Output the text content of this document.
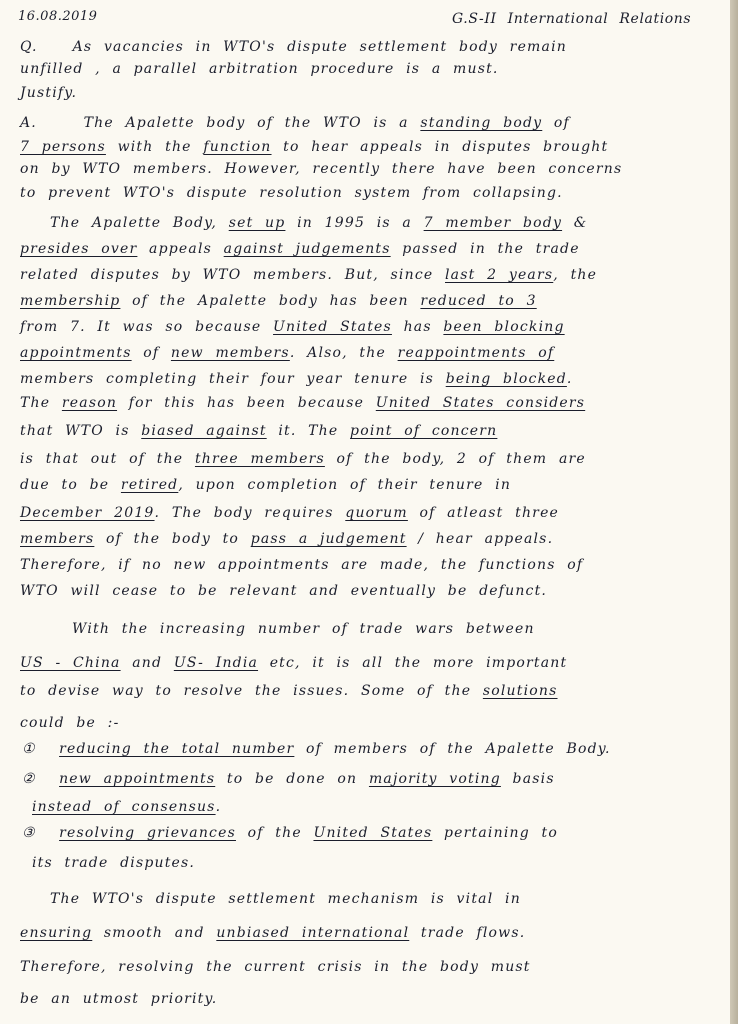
16.08.2019	G.S-II International Relations
Q. As vacancies in WTO's dispute settlement body remain
unfilled , a parallel arbitration procedure is a must.
Justify.
A.	The Apalette body of the WTO is a standing body of
7 persons with the function to hear appeals in disputes brought
on by WTO members. However, recently there have been concerns
to prevent WTO's dispute resolution system from collapsing.
The Apalette Body, set up in 1995 is a 7 member body &
presides over appeals against judgements passed in the trade
related disputes by WTO members. But, since last 2 years, the
membership of the Apalette body has been reduced to 3
from 7. It was so because United States has been blocking
appointments of new members. Also, the reappointments of
members completing their four year tenure is being blocked.
The reason for this has been because United States considers
that WTO is biased against it. The point of concern
is that out of the three members of the body, 2 of them are
due to be retired, upon completion of their tenure in
December 2019. The body requires quorum of atleast three
members of the body to pass a judgement / hear appeals.
Therefore, if no new appointments are made, the functions of
WTO will cease to be relevant and eventually be defunct.
With the increasing number of trade wars between
US - China and US- India etc, it is all the more important
to devise way to resolve the issues. Some of the solutions
could be :-
① reducing the total number of members of the Apalette Body.
② new appointments to be done on majority voting basis
instead of consensus.
③ resolving grievances of the United States pertaining to
its trade disputes.
The WTO's dispute settlement mechanism is vital in
ensuring smooth and unbiased international trade flows.
Therefore, resolving the current crisis in the body must
be an utmost priority.
